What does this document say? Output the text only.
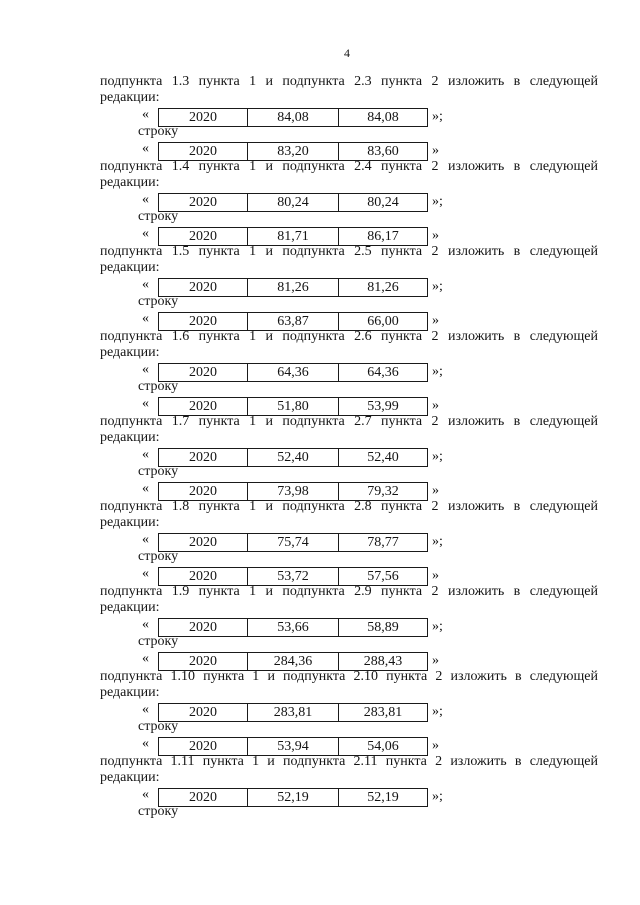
4
подпункта 1.3 пункта 1 и подпункта 2.3 пункта 2 изложить в следующей
редакции:
«	2020	84,08	84,08	»;
строку
«	2020	83,20	83,60	»
подпункта 1.4 пункта 1 и подпункта 2.4 пункта 2 изложить в следующей
редакции:
«	2020	80,24	80,24	»;
строку
«	2020	81,71	86,17	»
подпункта 1.5 пункта 1 и подпункта 2.5 пункта 2 изложить в следующей
редакции:
«	2020	81,26	81,26	»;
строку
«	2020	63,87	66,00	»
подпункта 1.6 пункта 1 и подпункта 2.6 пункта 2 изложить в следующей
редакции:
«	2020	64,36	64,36	»;
строку
«	2020	51,80	53,99	»
подпункта 1.7 пункта 1 и подпункта 2.7 пункта 2 изложить в следующей
редакции:
«	2020	52,40	52,40	»;
строку
«	2020	73,98	79,32	»
подпункта 1.8 пункта 1 и подпункта 2.8 пункта 2 изложить в следующей
редакции:
«	2020	75,74	78,77	»;
строку
«	2020	53,72	57,56	»
подпункта 1.9 пункта 1 и подпункта 2.9 пункта 2 изложить в следующей
редакции:
«	2020	53,66	58,89	»;
строку
«	2020	284,36	288,43	»
подпункта 1.10 пункта 1 и подпункта 2.10 пункта 2 изложить в следующей
редакции:
«	2020	283,81	283,81	»;
строку
«	2020	53,94	54,06	»
подпункта 1.11 пункта 1 и подпункта 2.11 пункта 2 изложить в следующей
редакции:
«	2020	52,19	52,19	»;
строку
